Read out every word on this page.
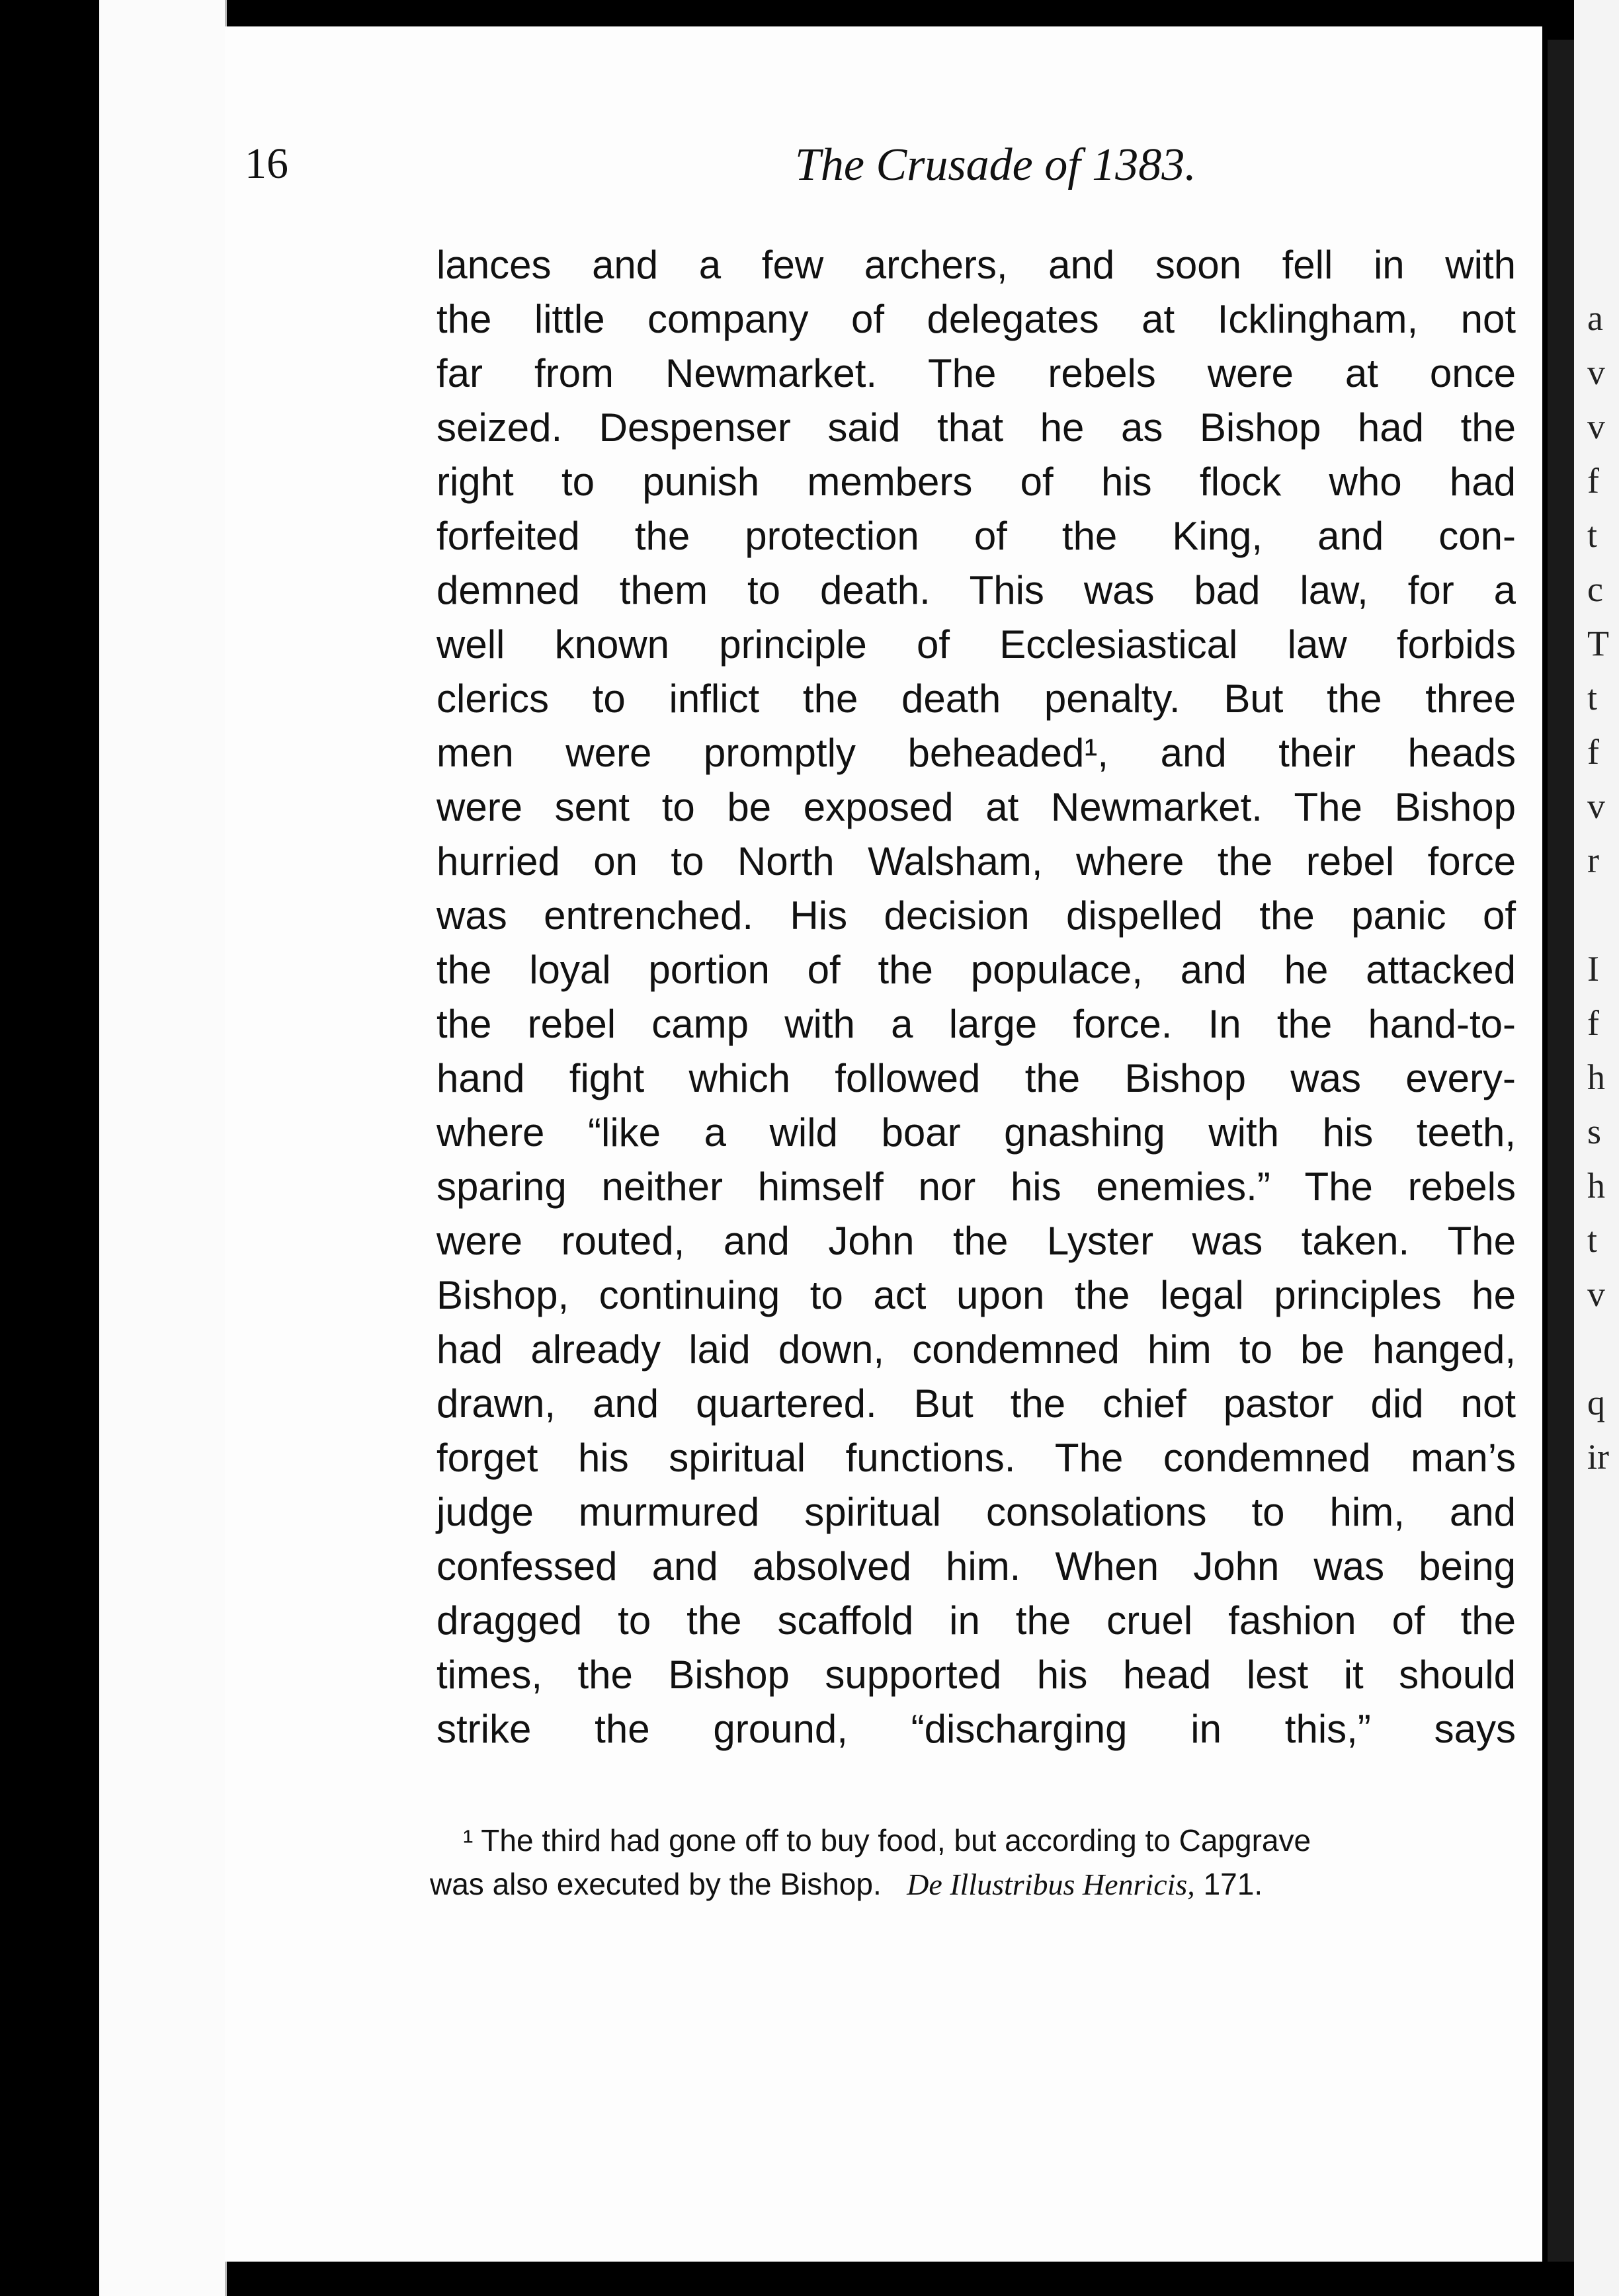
16	The Crusade of 1383.
lances and a few archers, and soon fell in with
the little company of delegates at Icklingham, not
far from Newmarket. The rebels were at once
seized. Despenser said that he as Bishop had the
right to punish members of his flock who had
forfeited the protection of the King, and con-
demned them to death. This was bad law, for a
well known principle of Ecclesiastical law forbids
clerics to inflict the death penalty. But the three
men were promptly beheaded¹, and their heads
were sent to be exposed at Newmarket. The Bishop
hurried on to North Walsham, where the rebel force
was entrenched. His decision dispelled the panic of
the loyal portion of the populace, and he attacked
the rebel camp with a large force. In the hand-to-
hand fight which followed the Bishop was every-
where “like a wild boar gnashing with his teeth,
sparing neither himself nor his enemies.” The rebels
were routed, and John the Lyster was taken. The
Bishop, continuing to act upon the legal principles he
had already laid down, condemned him to be hanged,
drawn, and quartered. But the chief pastor did not
forget his spiritual functions. The condemned man’s
judge murmured spiritual consolations to him, and
confessed and absolved him. When John was being
dragged to the scaffold in the cruel fashion of the
times, the Bishop supported his head lest it should
strike the ground, “discharging in this,” says
¹ The third had gone off to buy food, but according to Capgrave
was also executed by the Bishop. De Illustribus Henricis, 171.
a
v
v
f
t
c
T
t
f
v
r
I
f
h
s
h
t
v
q
ir
